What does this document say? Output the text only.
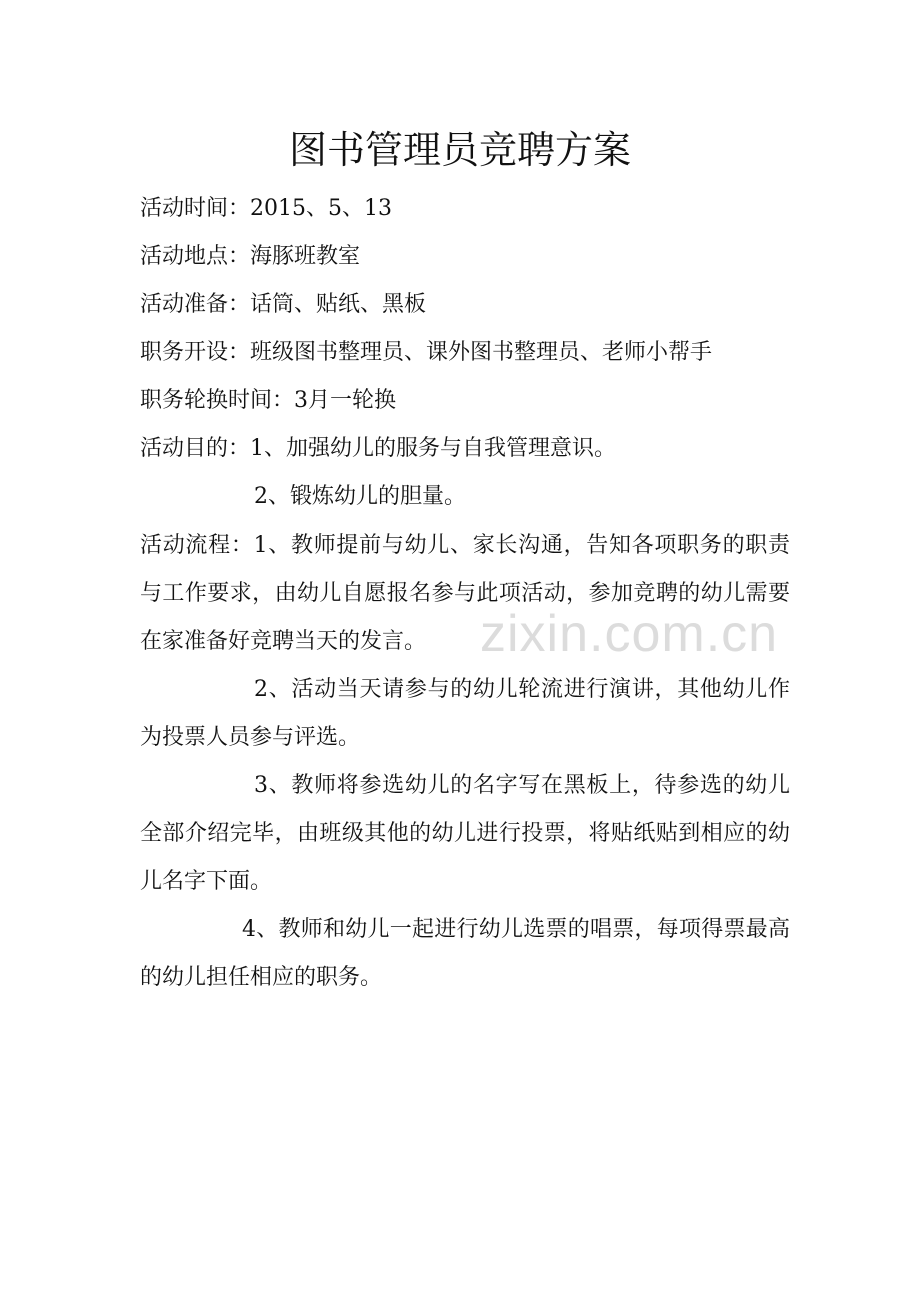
图书管理员竞聘方案
活动时间：2015、5、13
活动地点：海豚班教室
活动准备：话筒、贴纸、黑板
职务开设：班级图书整理员、课外图书整理员、老师小帮手
职务轮换时间：3月一轮换
活动目的：1、加强幼儿的服务与自我管理意识。
2、锻炼幼儿的胆量。
活动流程：1、教师提前与幼儿、家长沟通，告知各项职务的职责与工作要求，由幼儿自愿报名参与此项活动，参加竞聘的幼儿需要在家准备好竞聘当天的发言。
2、活动当天请参与的幼儿轮流进行演讲，其他幼儿作为投票人员参与评选。
3、教师将参选幼儿的名字写在黑板上，待参选的幼儿全部介绍完毕，由班级其他的幼儿进行投票，将贴纸贴到相应的幼儿名字下面。
4、教师和幼儿一起进行幼儿选票的唱票，每项得票最高的幼儿担任相应的职务。
zixin.com.cn
